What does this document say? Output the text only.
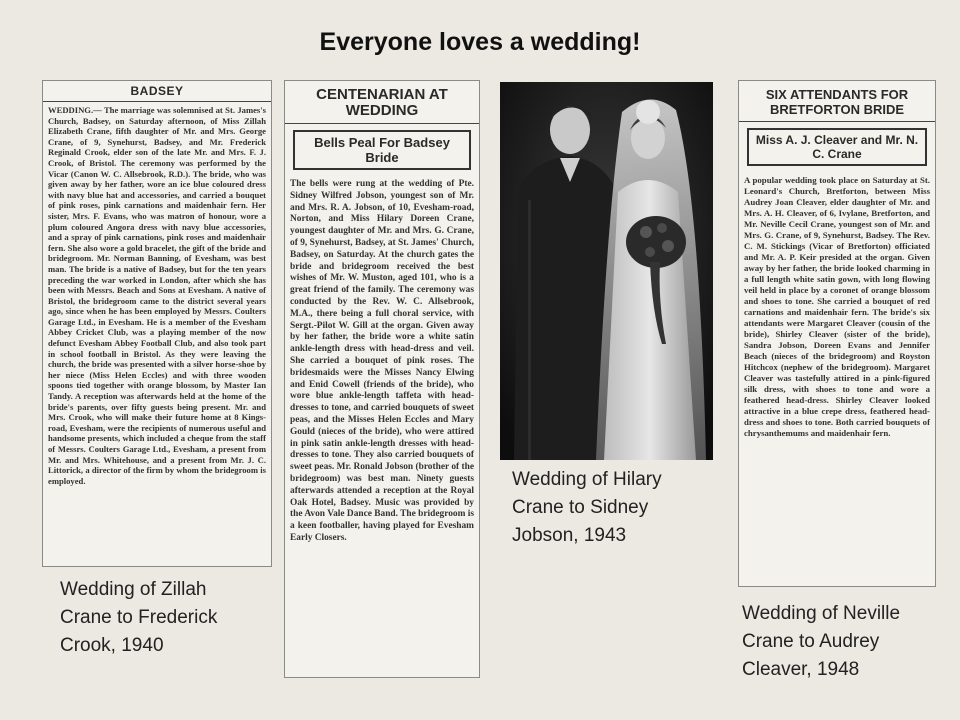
Everyone loves a wedding!
BADSEY
WEDDING.— The marriage was solemnised at St. James's Church, Badsey, on Saturday afternoon, of Miss Zillah Elizabeth Crane, fifth daughter of Mr. and Mrs. George Crane, of 9, Synehurst, Badsey, and Mr. Frederick Reginald Crook, elder son of the late Mr. and Mrs. F. J. Crook, of Bristol. The ceremony was performed by the Vicar (Canon W. C. Allsebrook, R.D.). The bride, who was given away by her father, wore an ice blue coloured dress with navy blue hat and accessories, and carried a bouquet of pink roses, pink carnations and maidenhair fern. Her sister, Mrs. F. Evans, who was matron of honour, wore a plum coloured Angora dress with navy blue accessories, and a spray of pink carnations, pink roses and maidenhair fern. She also wore a gold bracelet, the gift of the bride and bridegroom. Mr. Norman Banning, of Evesham, was best man. The bride is a native of Badsey, but for the ten years preceding the war worked in London, after which she has been with Messrs. Beach and Sons at Evesham. A native of Bristol, the bridegroom came to the district several years ago, since when he has been employed by Messrs. Coulters Garage Ltd., in Evesham. He is a member of the Evesham Abbey Cricket Club, was a playing member of the now defunct Evesham Abbey Football Club, and also took part in school football in Bristol. As they were leaving the church, the bride was presented with a silver horse-shoe by her niece (Miss Helen Eccles) and with three wooden spoons tied together with orange blossom, by Master Ian Tandy. A reception was afterwards held at the home of the bride's parents, over fifty guests being present. Mr. and Mrs. Crook, who will make their future home at 8 Kings-road, Evesham, were the recipients of numerous useful and handsome presents, which included a cheque from the staff of Messrs. Coulters Garage Ltd., Evesham, a present from Mr. and Mrs. Whitehouse, and a present from Mr. J. C. Littorick, a director of the firm by whom the bridegroom is employed.
CENTENARIAN AT WEDDING
Bells Peal For Badsey Bride
The bells were rung at the wedding of Pte. Sidney Wilfred Jobson, youngest son of Mr. and Mrs. R. A. Jobson, of 10, Evesham-road, Norton, and Miss Hilary Doreen Crane, youngest daughter of Mr. and Mrs. G. Crane, of 9, Synehurst, Badsey, at St. James' Church, Badsey, on Saturday. At the church gates the bride and bridegroom received the best wishes of Mr. W. Muston, aged 101, who is a great friend of the family. The ceremony was conducted by the Rev. W. C. Allsebrook, M.A., there being a full choral service, with Sergt.-Pilot W. Gill at the organ. Given away by her father, the bride wore a white satin ankle-length dress with head-dress and veil. She carried a bouquet of pink roses. The bridesmaids were the Misses Nancy Elwing and Enid Cowell (friends of the bride), who wore blue ankle-length taffeta with head-dresses to tone, and carried bouquets of sweet peas, and the Misses Helen Eccles and Mary Gould (nieces of the bride), who were attired in pink satin ankle-length dresses with head-dresses to tone. They also carried bouquets of sweet peas. Mr. Ronald Jobson (brother of the bridegroom) was best man. Ninety guests afterwards attended a reception at the Royal Oak Hotel, Badsey. Music was provided by the Avon Vale Dance Band. The bridegroom is a keen footballer, having played for Evesham Early Closers.
SIX ATTENDANTS FOR BRETFORTON BRIDE
Miss A. J. Cleaver and Mr. N. C. Crane
A popular wedding took place on Saturday at St. Leonard's Church, Bretforton, between Miss Audrey Joan Cleaver, elder daughter of Mr. and Mrs. A. H. Cleaver, of 6, Ivylane, Bretforton, and Mr. Neville Cecil Crane, youngest son of Mr. and Mrs. G. Crane, of 9, Synehurst, Badsey. The Rev. C. M. Stickings (Vicar of Bretforton) officiated and Mr. A. P. Keir presided at the organ. Given away by her father, the bride looked charming in a full length white satin gown, with long flowing veil held in place by a coronet of orange blossom and shoes to tone. She carried a bouquet of red carnations and maidenhair fern. The bride's six attendants were Margaret Cleaver (cousin of the bride), Shirley Cleaver (sister of the bride), Sandra Jobson, Doreen Evans and Jennifer Beach (nieces of the bridegroom) and Royston Hitchcox (nephew of the bridegroom). Margaret Cleaver was tastefully attired in a pink-figured silk dress, with shoes to tone and wore a feathered head-dress. Shirley Cleaver looked attractive in a blue crepe dress, feathered head-dress and shoes to tone. Both carried bouquets of chrysanthemums and maidenhair fern.
Wedding of Zillah Crane to Frederick Crook, 1940
Wedding of Hilary Crane to Sidney Jobson, 1943
Wedding of Neville Crane to Audrey Cleaver, 1948
